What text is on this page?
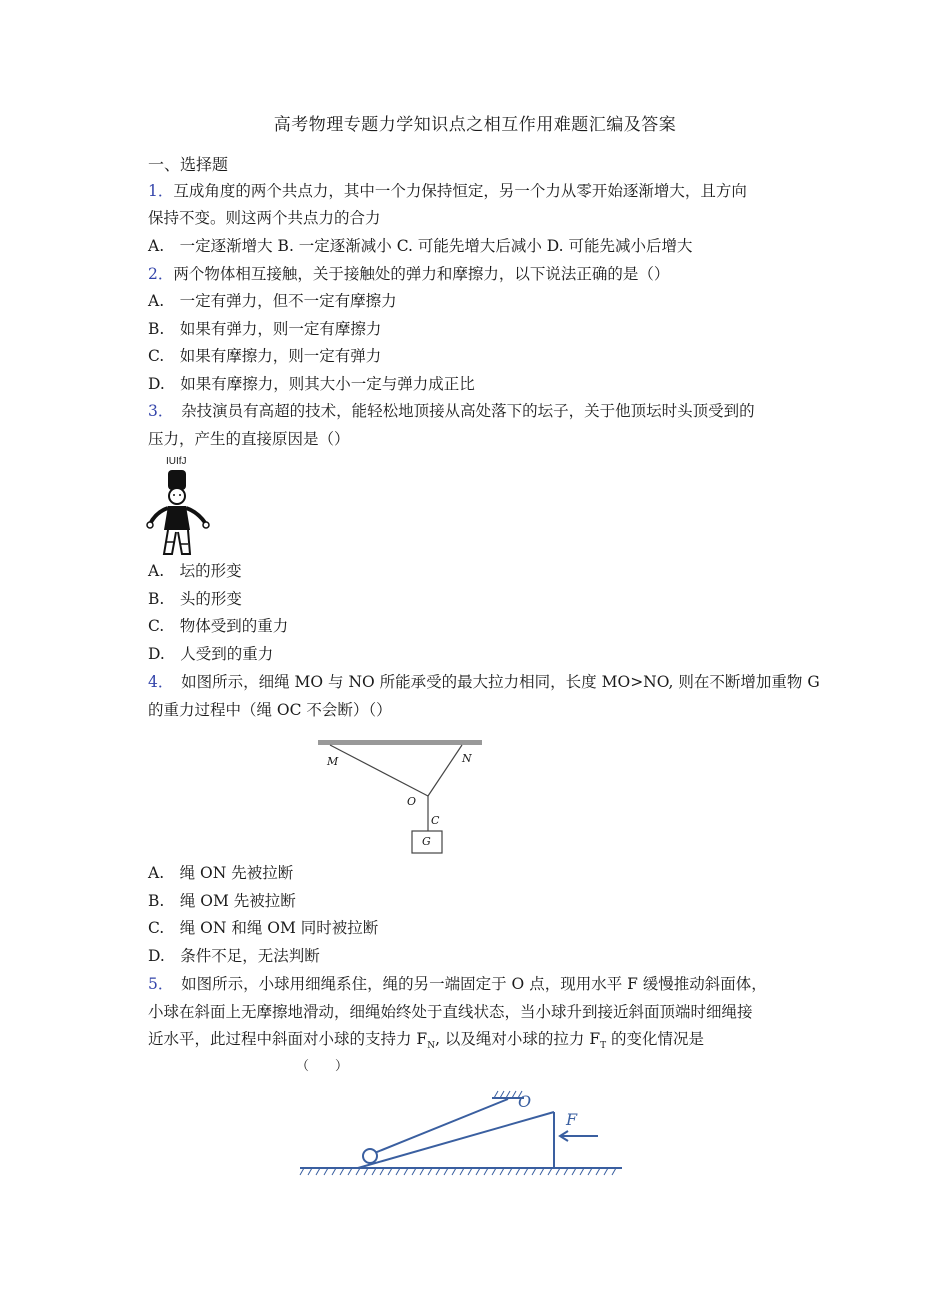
高考物理专题力学知识点之相互作用难题汇编及答案
一、选择题
1．互成角度的两个共点力，其中一个力保持恒定，另一个力从零开始逐渐增大，且方向
保持不变。则这两个共点力的合力
A.　一定逐渐增大 B. 一定逐渐减小 C. 可能先增大后减小 D. 可能先减小后增大
2．两个物体相互接触，关于接触处的弹力和摩擦力，以下说法正确的是（）
A.　一定有弹力，但不一定有摩擦力
B.　如果有弹力，则一定有摩擦力
C.　如果有摩擦力，则一定有弹力
D.　如果有摩擦力，则其大小一定与弹力成正比
3．　杂技演员有高超的技术，能轻松地顶接从高处落下的坛子，关于他顶坛时头顶受到的
压力，产生的直接原因是（）
IUIfJ
A.　坛的形变
B.　头的形变
C.　物体受到的重力
D.　人受到的重力
4．　如图所示，细绳 MO 与 NO 所能承受的最大拉力相同，长度 MO>NO, 则在不断增加重物 G
的重力过程中（绳 OC 不会断）（）
M	N
O
C
G
A.　绳 ON 先被拉断
B.　绳 OM 先被拉断
C.　绳 ON 和绳 OM 同时被拉断
D.　条件不足，无法判断
5．　如图所示，小球用细绳系住，绳的另一端固定于 O 点，现用水平 F 缓慢推动斜面体，
小球在斜面上无摩擦地滑动，细绳始终处于直线状态，当小球升到接近斜面顶端时细绳接
近水平，此过程中斜面对小球的支持力 $F_N$, 以及绳对小球的拉力 $F_T$ 的变化情况是
（　　）
O
F
